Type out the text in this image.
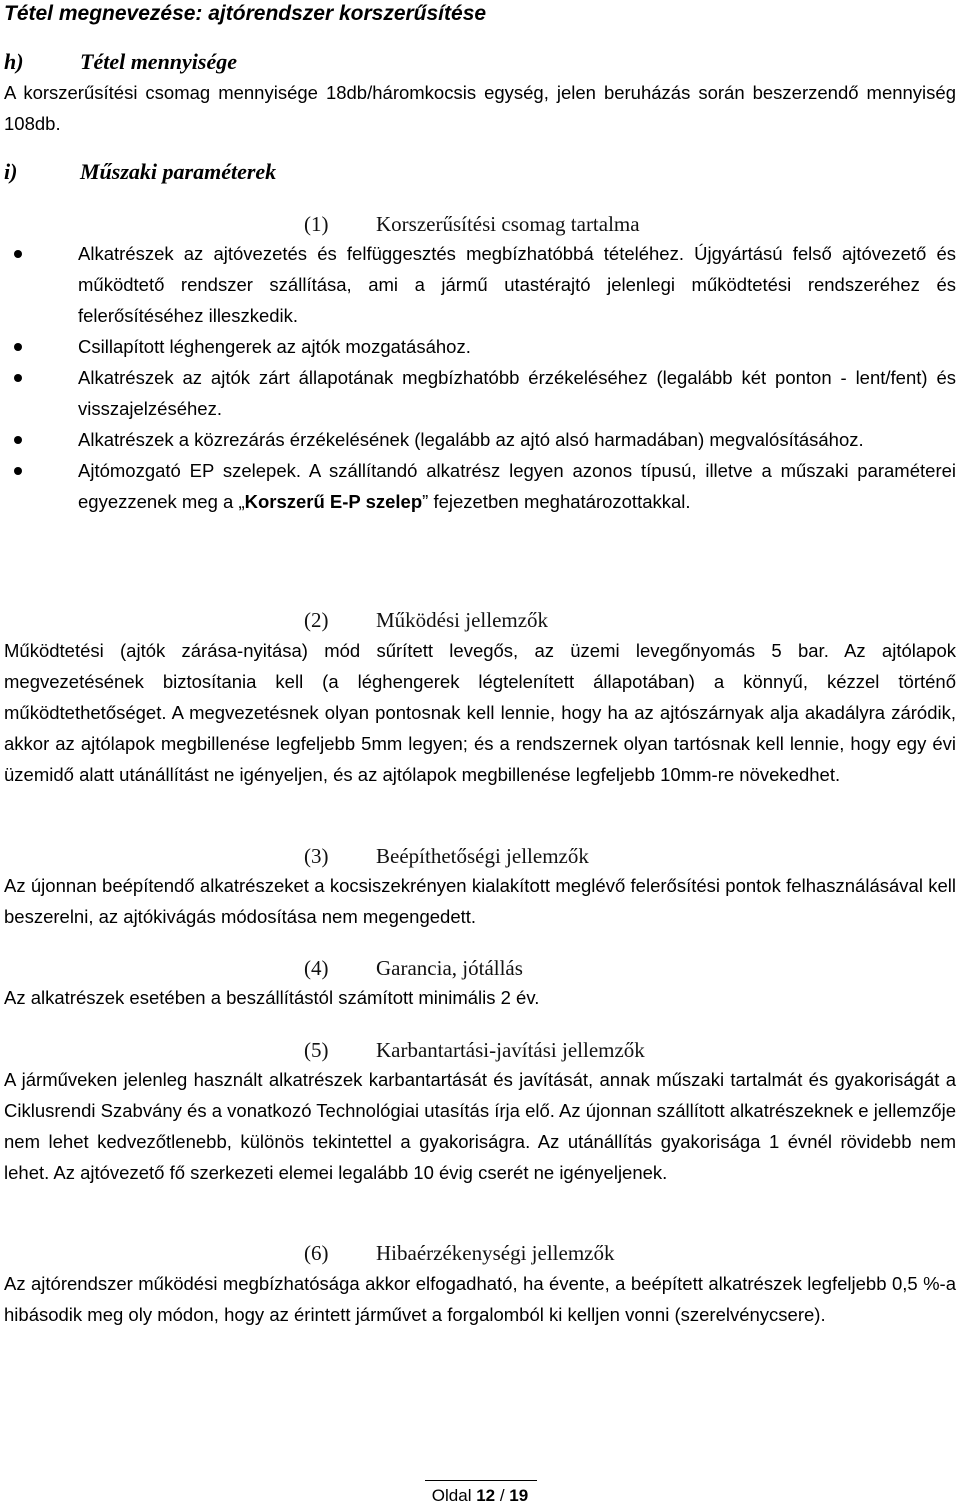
Tétel megnevezése: ajtórendszer korszerűsítése
h)	Tétel mennyisége

A korszerűsítési csomag mennyisége 18db/háromkocsis egység, jelen beruházás során beszerzendő mennyiség 108db.

i)	Műszaki paraméterek
(1) Korszerűsítési csomag tartalma
Alkatrészek az ajtóvezetés és felfüggesztés megbízhatóbbá tételéhez. Újgyártású felső ajtóvezető és működtető rendszer szállítása, ami a jármű utastérajtó jelenlegi működtetési rendszeréhez és felerősítéséhez illeszkedik.
Csillapított léghengerek az ajtók mozgatásához.
Alkatrészek az ajtók zárt állapotának megbízhatóbb érzékeléséhez (legalább két ponton - lent/fent) és visszajelzéséhez.
Alkatrészek a közrezárás érzékelésének (legalább az ajtó alsó harmadában) megvalósításához.
Ajtómozgató EP szelepek. A szállítandó alkatrész legyen azonos típusú, illetve a műszaki paraméterei egyezzenek meg a „Korszerű E-P szelep” fejezetben meghatározottakkal.
(2) Működési jellemzők

Működtetési (ajtók zárása-nyitása) mód sűrített levegős, az üzemi levegőnyomás 5 bar. Az ajtólapok megvezetésének biztosítania kell (a léghengerek légtelenített állapotában) a könnyű, kézzel történő működtethetőséget. A megvezetésnek olyan pontosnak kell lennie, hogy ha az ajtószárnyak alja akadályra záródik, akkor az ajtólapok megbillenése legfeljebb 5mm legyen; és a rendszernek olyan tartósnak kell lennie, hogy egy évi üzemidő alatt utánállítást ne igényeljen, és az ajtólapok megbillenése legfeljebb 10mm-re növekedhet.

(3) Beépíthetőségi jellemzők

Az újonnan beépítendő alkatrészeket a kocsiszekrényen kialakított meglévő felerősítési pontok felhasználásával kell beszerelni, az ajtókivágás módosítása nem megengedett.

(4) Garancia, jótállás

Az alkatrészek esetében a beszállítástól számított minimális 2 év.

(5) Karbantartási-javítási jellemzők

A járműveken jelenleg használt alkatrészek karbantartását és javítását, annak műszaki tartalmát és gyakoriságát a Ciklusrendi Szabvány és a vonatkozó Technológiai utasítás írja elő. Az újonnan szállított alkatrészeknek e jellemzője nem lehet kedvezőtlenebb, különös tekintettel a gyakoriságra. Az utánállítás gyakorisága 1 évnél rövidebb nem lehet. Az ajtóvezető fő szerkezeti elemei legalább 10 évig cserét ne igényeljenek.

(6) Hibaérzékenységi jellemzők

Az ajtórendszer működési megbízhatósága akkor elfogadható, ha évente, a beépített alkatrészek legfeljebb 0,5 %-a hibásodik meg oly módon, hogy az érintett járművet a forgalomból ki kelljen vonni (szerelvénycsere).

Oldal 12 / 19
